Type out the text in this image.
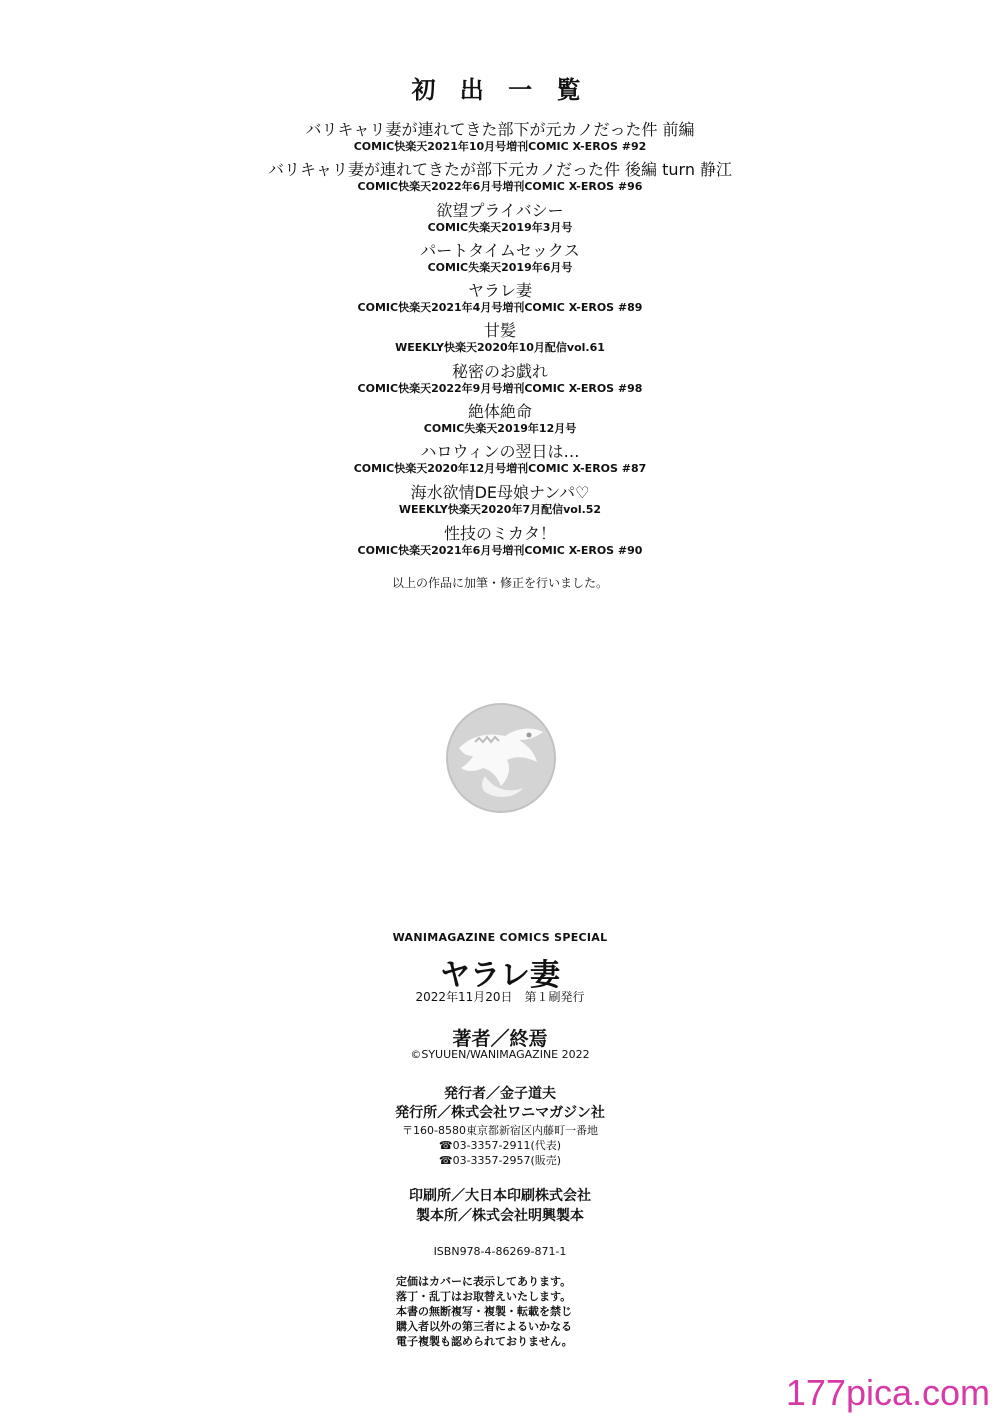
初 出 一 覧
バリキャリ妻が連れてきた部下が元カノだった件 前編
COMIC快楽天2021年10月号増刊COMIC X-EROS #92
バリキャリ妻が連れてきたが部下元カノだった件 後編 turn 静江
COMIC快楽天2022年6月号増刊COMIC X-EROS #96
欲望プライバシー
COMIC失楽天2019年3月号
パートタイムセックス
COMIC失楽天2019年6月号
ヤラレ妻
COMIC快楽天2021年4月号増刊COMIC X-EROS #89
甘髪
WEEKLY快楽天2020年10月配信vol.61
秘密のお戯れ
COMIC快楽天2022年9月号増刊COMIC X-EROS #98
絶体絶命
COMIC失楽天2019年12月号
ハロウィンの翌日は…
COMIC快楽天2020年12月号増刊COMIC X-EROS #87
海水欲情DE母娘ナンパ♡
WEEKLY快楽天2020年7月配信vol.52
性技のミカタ！
COMIC快楽天2021年6月号増刊COMIC X-EROS #90
以上の作品に加筆・修正を行いました。
WANIMAGAZINE COMICS SPECIAL
ヤラレ妻
2022年11月20日　第１刷発行
著者／終焉
©SYUUEN/WANIMAGAZINE 2022
発行者／金子道夫
発行所／株式会社ワニマガジン社
〒160-8580東京都新宿区内藤町一番地
☎03-3357-2911(代表)
☎03-3357-2957(販売)
印刷所／大日本印刷株式会社
製本所／株式会社明興製本
ISBN978-4-86269-871-1
定価はカバーに表示してあります。
落丁・乱丁はお取替えいたします。
本書の無断複写・複製・転載を禁じ
購入者以外の第三者によるいかなる
電子複製も認められておりません。
177pica.com
